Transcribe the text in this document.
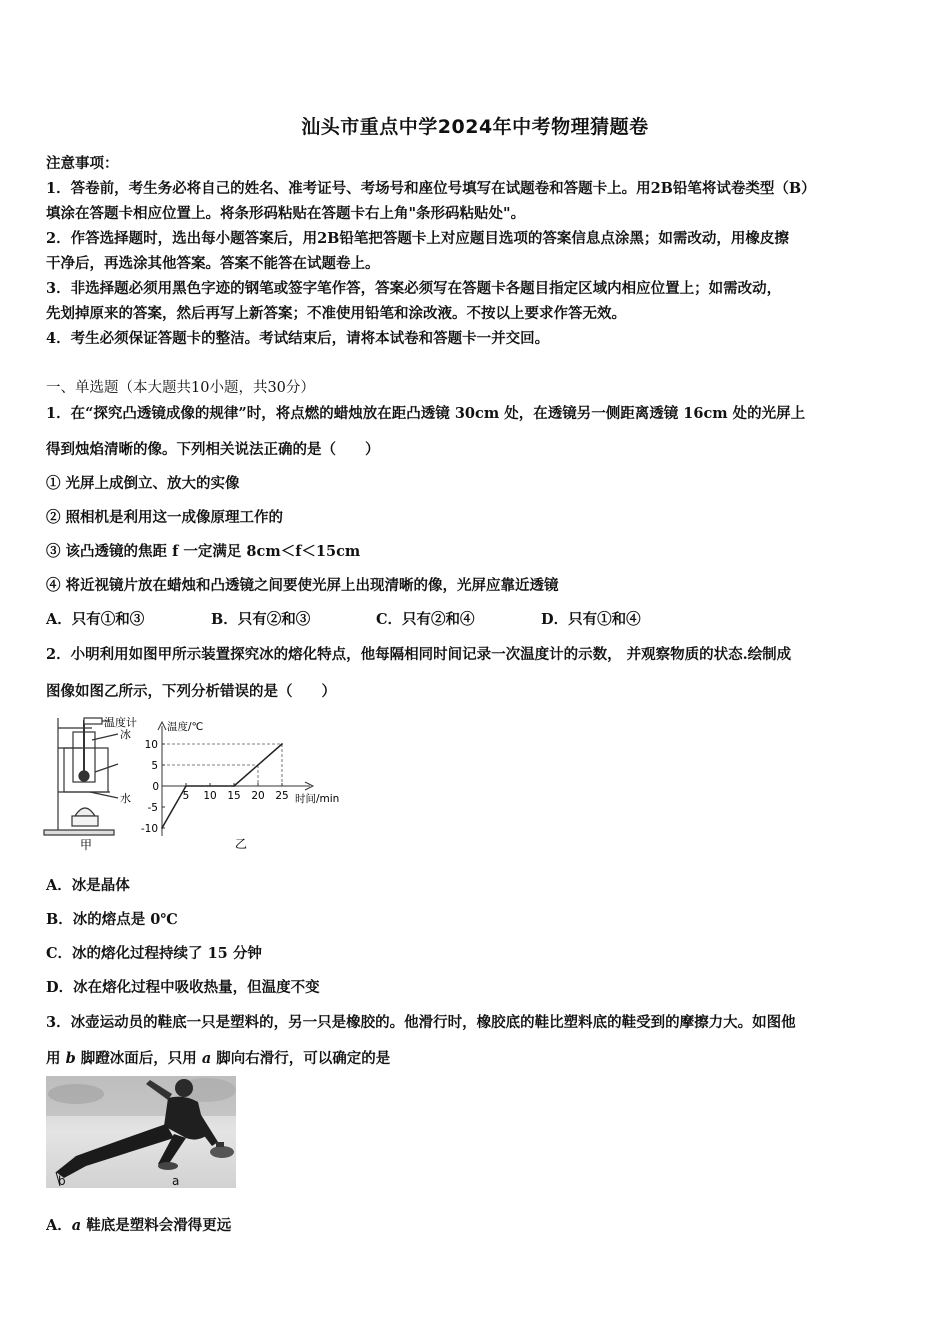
汕头市重点中学2024年中考物理猜题卷
注意事项：
1．答卷前，考生务必将自己的姓名、准考证号、考场号和座位号填写在试题卷和答题卡上。用2B铅笔将试卷类型（B）
填涂在答题卡相应位置上。将条形码粘贴在答题卡右上角"条形码粘贴处"。
2．作答选择题时，选出每小题答案后，用2B铅笔把答题卡上对应题目选项的答案信息点涂黑；如需改动，用橡皮擦
干净后，再选涂其他答案。答案不能答在试题卷上。
3．非选择题必须用黑色字迹的钢笔或签字笔作答，答案必须写在答题卡各题目指定区域内相应位置上；如需改动，
先划掉原来的答案，然后再写上新答案；不准使用铅笔和涂改液。不按以上要求作答无效。
4．考生必须保证答题卡的整洁。考试结束后，请将本试卷和答题卡一并交回。
一、单选题（本大题共10小题，共30分）
1．在“探究凸透镜成像的规律”时，将点燃的蜡烛放在距凸透镜 30cm 处，在透镜另一侧距离透镜 16cm 处的光屏上
得到烛焰清晰的像。下列相关说法正确的是（　　）
① 光屏上成倒立、放大的实像
② 照相机是利用这一成像原理工作的
③ 该凸透镜的焦距 f 一定满足 8cm＜f＜15cm
④ 将近视镜片放在蜡烛和凸透镜之间要使光屏上出现清晰的像，光屏应靠近透镜
A．只有①和③	B．只有②和③	C．只有②和④	D．只有①和④
2．小明利用如图甲所示装置探究冰的熔化特点，他每隔相同时间记录一次温度计的示数， 并观察物质的状态.绘制成
图像如图乙所示，下列分析错误的是（　　）
温度计
冰
水
甲
5 10 15 20 25
0
10
5
-5
-10
温度/℃
时间/min
乙
A．冰是晶体
B．冰的熔点是 0℃
C．冰的熔化过程持续了 15 分钟
D．冰在熔化过程中吸收热量，但温度不变
3．冰壶运动员的鞋底一只是塑料的，另一只是橡胶的。他滑行时，橡胶底的鞋比塑料底的鞋受到的摩擦力大。如图他
用 b 脚蹬冰面后，只用 a 脚向右滑行，可以确定的是
b	a
A．a 鞋底是塑料会滑得更远
